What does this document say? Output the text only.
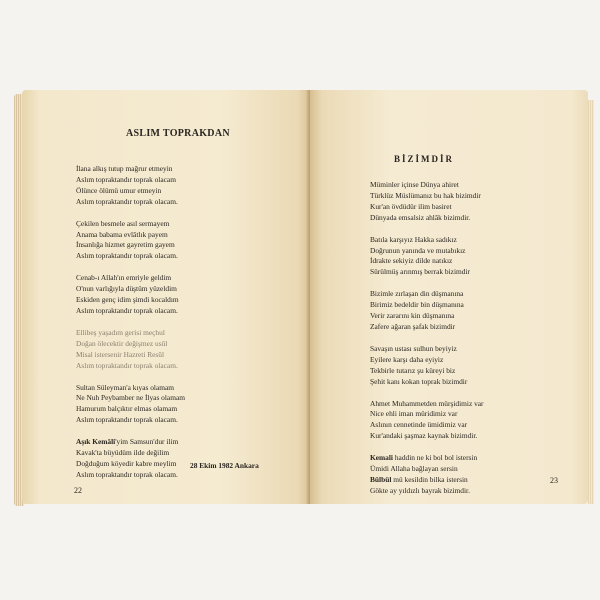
ASLIM TOPRAKDAN
İlana alkış tutup mağrur etmeyin
Aslım topraktandır toprak olacam
Ölünce ölümü umur etmeyin
Aslım topraktandır toprak olacam.
Çekilen besmele asıl sermayem
Anama babama evlâtlık payem
İnsanlığa hizmet gayretim gayem
Aslım topraktandır toprak olacam.
Cenab-ı Allah'ın emriyle geldim
O'nun varlığıyla düştüm yüzeldim
Eskiden genç idim şimdi kocaldım
Aslım topraktandır toprak olacam.
Ellibeş yaşadım gerisi meçhul
Doğan ölecektir değişmez usûl
Misal istersenir Hazreti Resûl
Aslım topraktandır toprak olacam.
Sultan Süleyman'a kıyas olamam
Ne Nuh Peybamber ne İlyas olamam
Hamurum balçıktır elmas olamam
Aslım topraktandır toprak olacam.
Aşık Kemâli'yim Samsun'dur ilim
Kavak'ta büyüdüm ilde değilim
Doğduğum köyedir kabre meylim
Aslım topraktandır toprak olacam.
28 Ekim 1982 Ankara
22
BİZİMDİR
Müminler içinse Dünya ahiret
Türklüz Müslümanız bu hak bizimdir
Kur'an övdüdür ilim basiret
Dünyada emsalsiz ahlâk bizimdir.
Batıla karşıyız Hakka sadıkız
Doğrunun yanında ve mutabıkız
İdrakte sekiyiz dilde natıkız
Sürülmüş arınmış berrak bizimdir
Bizimle zırlaşan din düşmanına
Birimiz bedeldir bin düşmanına
Verir zararını kin düşmanına
Zafere ağaran şafak bizimdir
Savaşın ustası sulhun beyiyiz
Eyilere karşı daha eyiyiz
Tekbirle tutarız şu küreyi biz
Şehit kanı kokan toprak bizimdir
Ahmet Muhammetden mürşidimiz var
Nice ehli iman müridimiz var
Aslının cennetinde ümidimiz var
Kur'andaki şaşmaz kaynak bizimdir.
Kemali haddin ne ki bol bol istersin
Ümidi Allaha bağlayan sersin
Bülbül mü kesildin bilka istersin
Gökte ay yıldızlı bayrak bizimdir.
23
